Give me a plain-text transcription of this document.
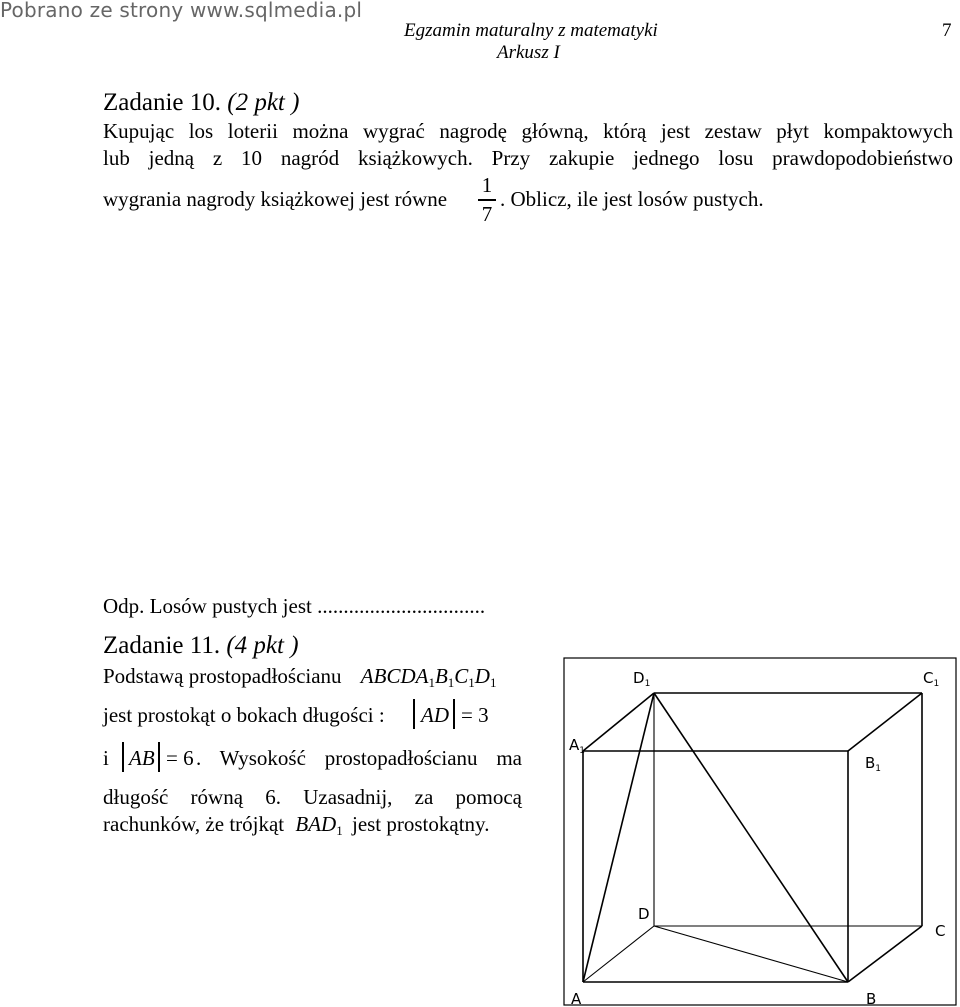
Pobrano ze strony www.sqlmedia.pl
Egzamin maturalny z matematyki
Arkusz I
7
Zadanie 10. (2 pkt )
Kupując los loterii można wygrać nagrodę główną, którą jest zestaw płyt kompaktowych
lub jedną z 10 nagród książkowych. Przy zakupie jednego losu prawdopodobieństwo
wygrania nagrody książkowej jest równe
1
7
. Oblicz, ile jest losów pustych.
Odp. Losów pustych jest ................................
Zadanie 11. (4 pkt )
Podstawą prostopadłościanu $ABCDA_1B_1C_1D_1$
jest prostokąt o bokach długości : AD = 3
i AB = 6 . Wysokość prostopadłościanu ma
długość równą 6. Uzasadnij, za pomocą
rachunków, że trójkąt $BAD_1$ jest prostokątny.
$D_1$	$C_1$
$A_1$
$B_1$
D
C
A	B
